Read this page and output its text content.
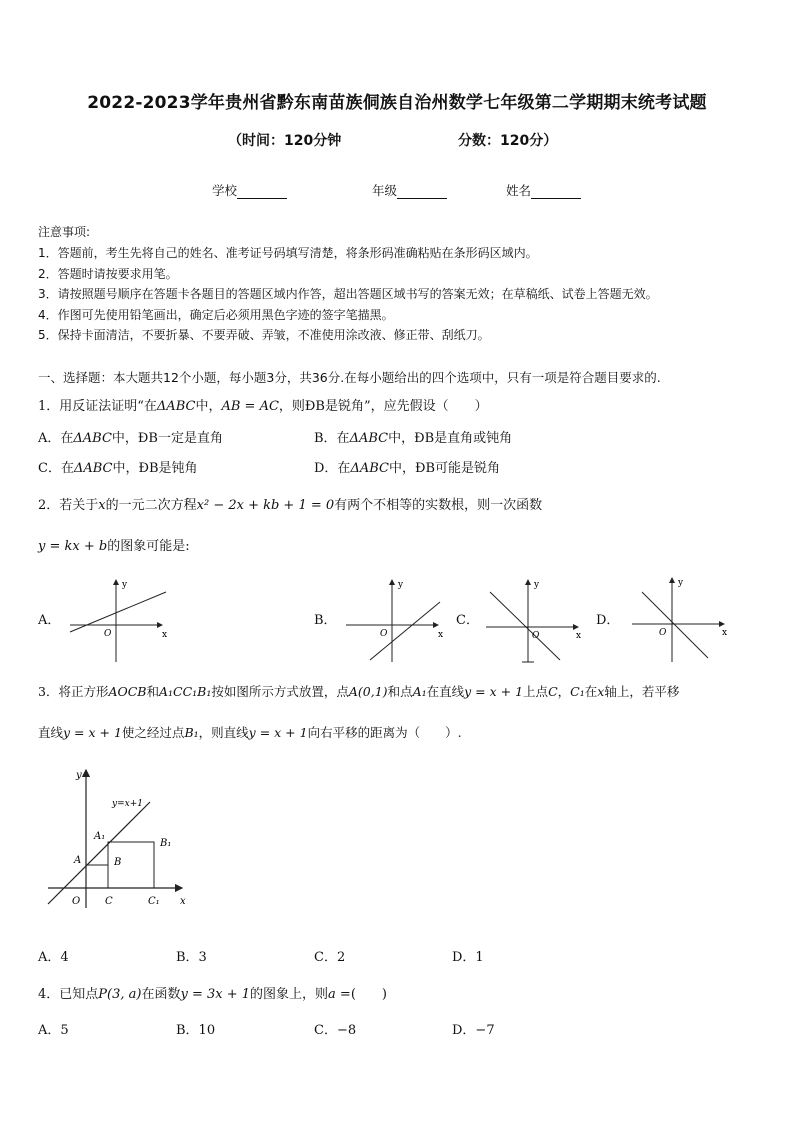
2022-2023学年贵州省黔东南苗族侗族自治州数学七年级第二学期期末统考试题
（时间：120分钟	分数：120分）
学校	年级	姓名
注意事项:
1．答题前，考生先将自己的姓名、准考证号码填写清楚，将条形码准确粘贴在条形码区域内。
2．答题时请按要求用笔。
3．请按照题号顺序在答题卡各题目的答题区域内作答，超出答题区域书写的答案无效；在草稿纸、试卷上答题无效。
4．作图可先使用铅笔画出，确定后必须用黑色字迹的签字笔描黑。
5．保持卡面清洁，不要折暴、不要弄破、弄皱，不准使用涂改液、修正带、刮纸刀。
一、选择题：本大题共12个小题，每小题3分，共36分.在每小题给出的四个选项中，只有一项是符合题目要求的.
1．用反证法证明“在ΔABC中，AB = AC，则ÐB是锐角”，应先假设（　　）
A．在ΔABC中，ÐB一定是直角	B．在ΔABC中，ÐB是直角或钝角
C．在ΔABC中，ÐB是钝角	D．在ΔABC中，ÐB可能是锐角
2．若关于x的一元二次方程x² − 2x + kb + 1 = 0有两个不相等的实数根，则一次函数
y = kx + b的图象可能是:
A．	B．	C．	D．
y
x
O
y
x
O
y
x
O
y
x
O
3．将正方形AOCB和A₁CC₁B₁按如图所示方式放置，点A(0,1)和点A₁在直线y = x + 1上点C，C₁在x轴上，若平移
直线y = x + 1使之经过点B₁，则直线y = x + 1向右平移的距离为（　　）.
y
x
O C	C₁
A
A₁
B
B₁
y=x+1
A．4	B．3	C．2	D．1
4．已知点P(3, a)在函数y = 3x + 1的图象上，则a =(　　)
A．5	B．10	C．−8	D．−7
